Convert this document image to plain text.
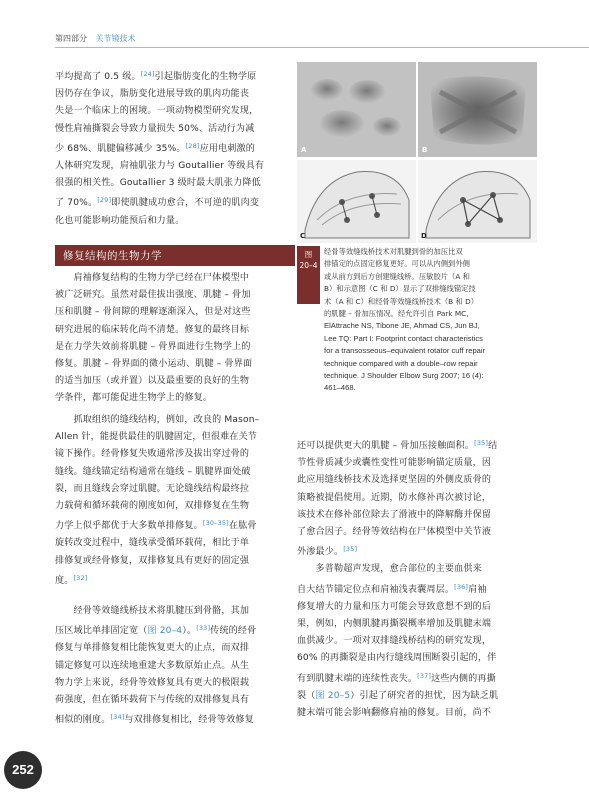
第四部分 关节镜技术
平均提高了 0.5 级。[24]引起脂肪变化的生物学原
因仍存在争议，脂肪变化进展导致的肌肉功能丧
失是一个临床上的困境。一项动物模型研究发现，
慢性肩袖撕裂会导致力量损失 50%、活动行为减
少 68%、肌腱偏移减少 35%。[28]应用电刺激的
人体研究发现，肩袖肌张力与 Goutallier 等级具有
很强的相关性。Goutallier 3 级时最大肌张力降低
了 70%。[29]即使肌腱成功愈合，不可逆的肌肉变
化也可能影响功能预后和力量。
修复结构的生物力学
　　肩袖修复结构的生物力学已经在尸体模型中
被广泛研究。虽然对最佳拔出强度、肌腱 – 骨加
压和肌腱 – 骨间隙的理解逐渐深入，但是对这些
研究进展的临床转化尚不清楚。修复的最终目标
是在力学失效前将肌腱 – 骨界面进行生物学上的
修复。肌腱 – 骨界面的微小运动、肌腱 – 骨界面
的适当加压（或并置）以及最重要的良好的生物
学条件，都可能促进生物学上的修复。
　　抓取组织的缝线结构，例如，改良的 Mason–
Allen 针，能提供最佳的肌腱固定，但很难在关节
镜下操作。经骨修复失败通常涉及拔出穿过骨的
缝线。缝线锚定结构通常在缝线 – 肌腱界面处破
裂，而且缝线会穿过肌腱。无论缝线结构最终拉
力载荷和循环载荷的刚度如何，双排修复在生物
力学上似乎都优于大多数单排修复。[30–35]在肱骨
旋转改变过程中，缝线承受循环载荷，相比于单
排修复或经骨修复，双排修复具有更好的固定强
度。[32]
　　经骨等效缝线桥技术将肌腱压到骨骼，其加
压区域比单排固定宽（图 20–4）。[33]传统的经骨
修复与单排修复相比能恢复更大的止点，而双排
锚定修复可以连续地重建大多数原始止点。从生
物力学上来说，经骨等效修复具有更大的极限载
荷强度，但在循环载荷下与传统的双排修复具有
相似的刚度。[34]与双排修复相比，经骨等效修复
还可以提供更大的肌腱 – 骨加压接触面积。[35]结
节性骨质减少或囊性变性可能影响锚定质量，因
此应用缝线桥技术及选择更坚固的外侧皮质骨的
策略被提倡使用。近期，防水修补再次被讨论，
该技术在修补部位除去了滑液中的降解酶并保留
了愈合因子。经骨等效结构在尸体模型中关节液
外渗最少。[35]
　　多普勒超声发现，愈合部位的主要血供来
自大结节锚定位点和肩袖浅表囊周层。[36]肩袖
修复增大的力量和压力可能会导致意想不到的后
果，例如，内侧肌腱再撕裂概率增加及肌腱末端
血供减少。一项对双排缝线桥结构的研究发现，
60% 的再撕裂是由内行缝线周围断裂引起的，伴
有到肌腱末端的连续性丧失。[37]这些内侧的再撕
裂（图 20–5）引起了研究者的担忧，因为缺乏肌
腱末端可能会影响翻修肩袖的修复。目前，尚不
A	B
C	D
图
20–4
经骨等效缝线桥技术对肌腱到骨的加压比双
排锚定的点固定修复更好。可以从内侧到外侧
或从前方到后方创建缝线桥。压敏胶片（A 和
B）和示意图（C 和 D）显示了双排缝线锚定技
术（A 和 C）和经骨等效缝线桥技术（B 和 D）
的肌腱 – 骨加压情况。经允许引自 Park MC,
ElAttrache NS, Tibone JE, Ahmad CS, Jun BJ,
Lee TQ: Part I: Footprint contact characteristics
for a transosseous–equivalent rotator cuff repair
technique compared with a double–row repair
technique. J Shoulder Elbow Surg 2007; 16 (4):
461–468.
252
